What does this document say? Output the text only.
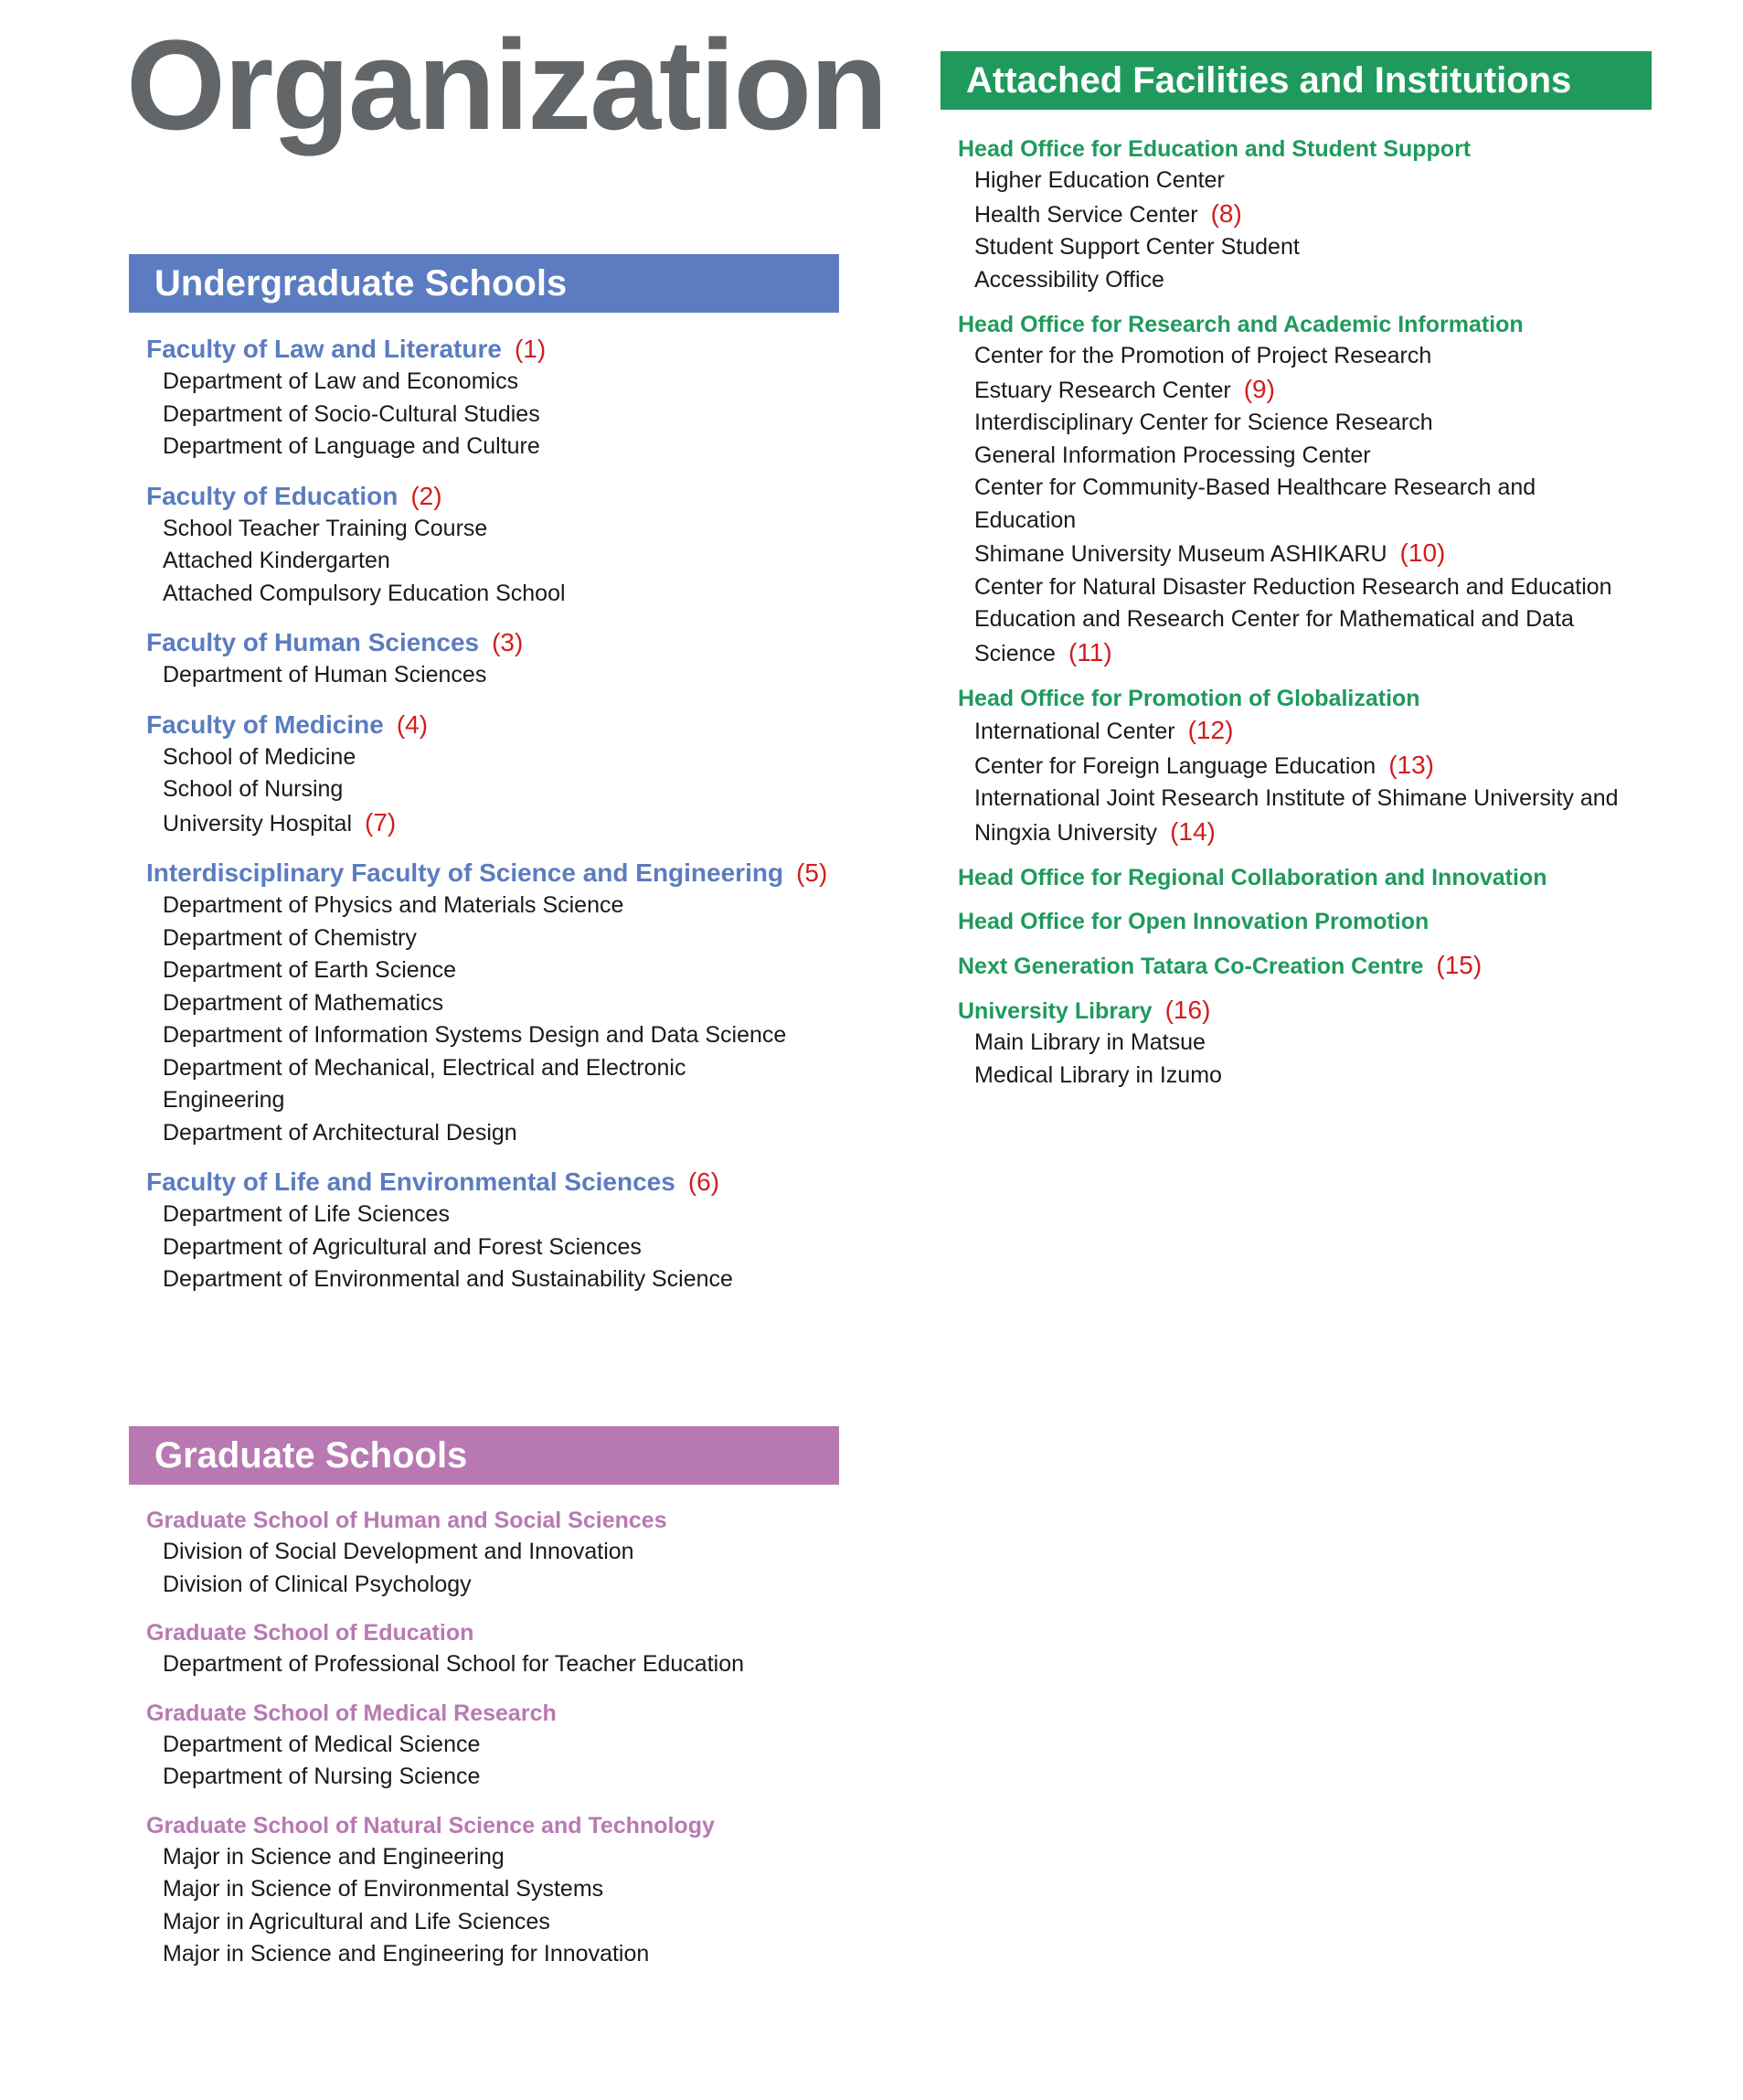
Organization
Undergraduate Schools
Faculty of Law and Literature (1)
Department of Law and Economics
Department of Socio-Cultural Studies
Department of Language and Culture
Faculty of Education (2)
School Teacher Training Course
Attached Kindergarten
Attached Compulsory Education School
Faculty of Human Sciences (3)
Department of Human Sciences
Faculty of Medicine (4)
School of Medicine
School of Nursing
University Hospital (7)
Interdisciplinary Faculty of Science and Engineering (5)
Department of Physics and Materials Science
Department of Chemistry
Department of Earth Science
Department of Mathematics
Department of Information Systems Design and Data Science
Department of Mechanical, Electrical and Electronic
Engineering
Department of Architectural Design
Faculty of Life and Environmental Sciences (6)
Department of Life Sciences
Department of Agricultural and Forest Sciences
Department of Environmental and Sustainability Science
Graduate Schools
Graduate School of Human and Social Sciences
Division of Social Development and Innovation
Division of Clinical Psychology
Graduate School of Education
Department of Professional School for Teacher Education
Graduate School of Medical Research
Department of Medical Science
Department of Nursing Science
Graduate School of Natural Science and Technology
Major in Science and Engineering
Major in Science of Environmental Systems
Major in Agricultural and Life Sciences
Major in Science and Engineering for Innovation
Attached Facilities and Institutions
Head Office for Education and Student Support
Higher Education Center
Health Service Center (8)
Student Support Center Student
Accessibility Office
Head Office for Research and Academic Information
Center for the Promotion of Project Research
Estuary Research Center (9)
Interdisciplinary Center for Science Research
General Information Processing Center
Center for Community-Based Healthcare Research and
Education
Shimane University Museum ASHIKARU (10)
Center for Natural Disaster Reduction Research and Education
Education and Research Center for Mathematical and Data
Science (11)
Head Office for Promotion of Globalization
International Center (12)
Center for Foreign Language Education (13)
International Joint Research Institute of Shimane University and
Ningxia University (14)
Head Office for Regional Collaboration and Innovation
Head Office for Open Innovation Promotion
Next Generation Tatara Co-Creation Centre (15)
University Library (16)
Main Library in Matsue
Medical Library in Izumo
